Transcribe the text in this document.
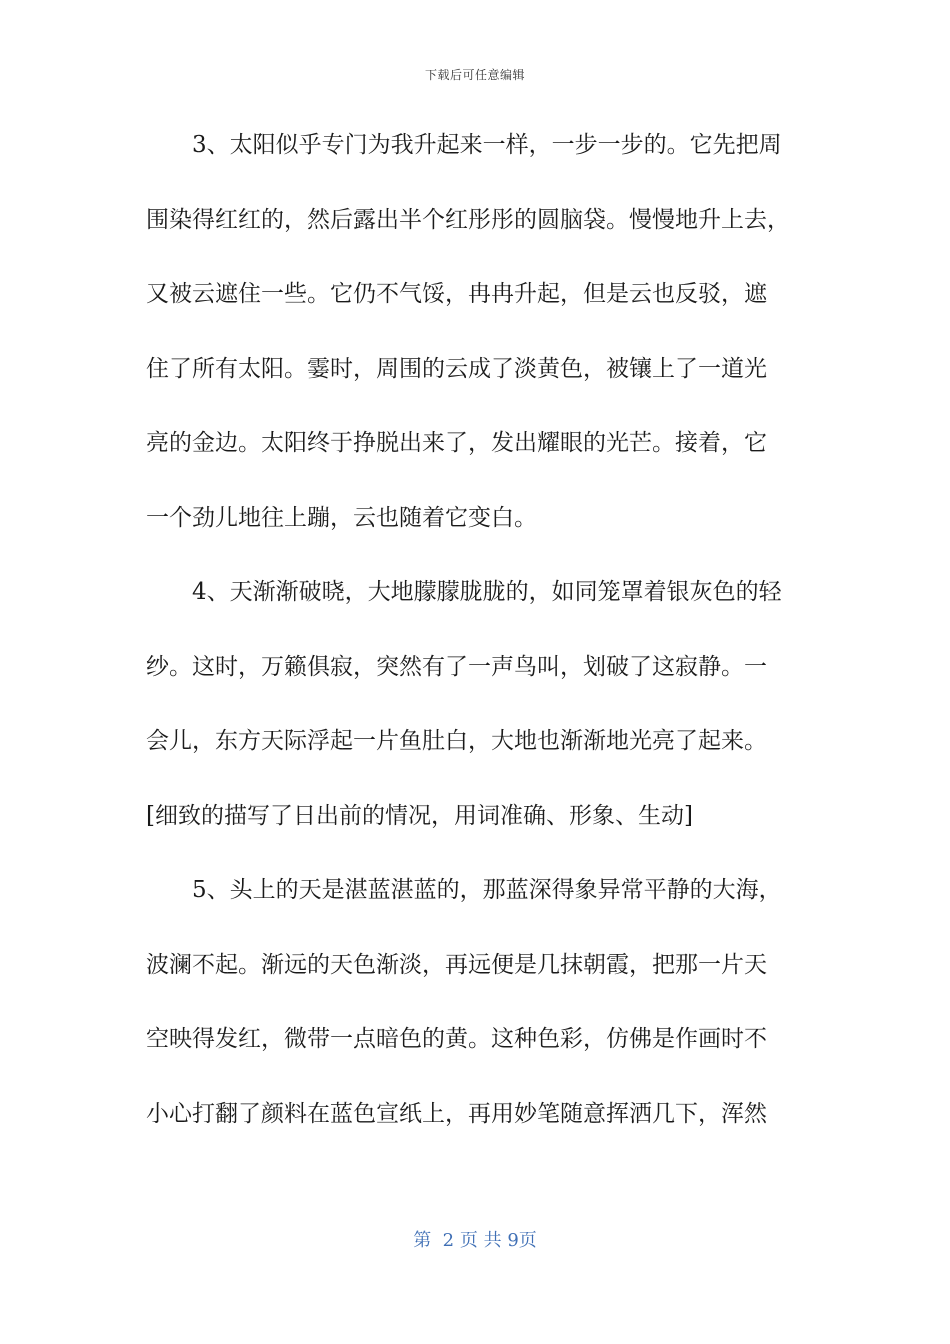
下载后可任意编辑
　　3、太阳似乎专门为我升起来一样，一步一步的。它先把周
围染得红红的，然后露出半个红彤彤的圆脑袋。慢慢地升上去，
又被云遮住一些。它仍不气馁，冉冉升起，但是云也反驳，遮
住了所有太阳。霎时，周围的云成了淡黄色，被镶上了一道光
亮的金边。太阳终于挣脱出来了，发出耀眼的光芒。接着，它
一个劲儿地往上蹦，云也随着它变白。
　　4、天渐渐破晓，大地朦朦胧胧的，如同笼罩着银灰色的轻
纱。这时，万籁俱寂，突然有了一声鸟叫，划破了这寂静。一
会儿，东方天际浮起一片鱼肚白，大地也渐渐地光亮了起来。
[细致的描写了日出前的情况，用词准确、形象、生动]
　　5、头上的天是湛蓝湛蓝的，那蓝深得象异常平静的大海，
波澜不起。渐远的天色渐淡，再远便是几抹朝霞，把那一片天
空映得发红，微带一点暗色的黄。这种色彩，仿佛是作画时不
小心打翻了颜料在蓝色宣纸上，再用妙笔随意挥洒几下，浑然
第 2 页 共 9页
